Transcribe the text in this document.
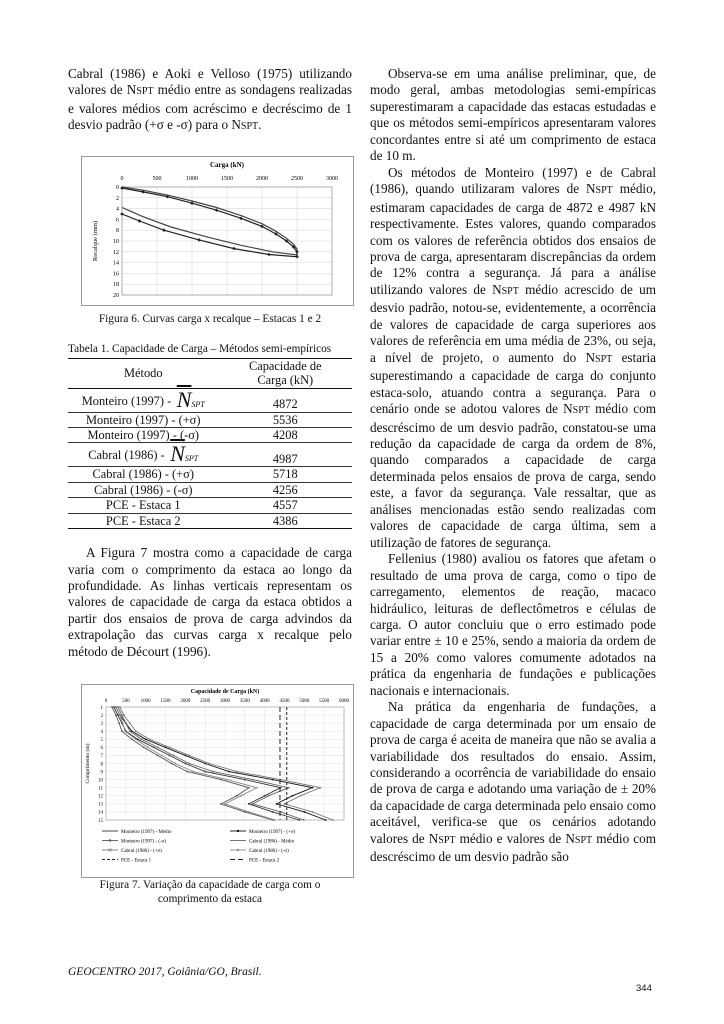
Cabral (1986) e Aoki e Velloso (1975) utilizando valores de NSPT médio entre as sondagens realizadas e valores médios com acréscimo e decréscimo de 1 desvio padrão (+σ e -σ) para o NSPT.

Carga (kN)
0	500	1000	1500	2000	2500	3000
0
2
4
6
8
10
12
14
16
18
20
Recalque (mm)

Figura 6. Curvas carga x recalque – Estacas 1 e 2

Tabela 1. Capacidade de Carga – Métodos semi-empíricos

Método	Capacidade de
Carga (kN)
Monteiro $(1997) - \overline{N}SPT$	4872
Monteiro (1997) - (+σ)	5536
Monteiro (1997) - (-σ)	4208
Cabral $(1986) - \overline{N}SPT$	4987
Cabral (1986) - (+σ)	5718
Cabral (1986) - (-σ)	4256
PCE - Estaca 1	4557
PCE - Estaca 2	4386

A Figura 7 mostra como a capacidade de carga varia com o comprimento da estaca ao longo da profundidade. As linhas verticais representam os valores de capacidade de carga da estaca obtidos a partir dos ensaios de prova de carga advindos da extrapolação das curvas carga x recalque pelo método de Décourt (1996).

Capacidade de Carga (kN)
0	500 1000 1500 2000 2500 3000 3500 4000 4500 5000 5500 6000
1
2
3
4
5
6
7
8
9
10
11
12
13
14
15
Comprimento (m)
Monteiro (1997) - Médio	Monteiro (1997) - (+σ)
Monteiro (1997) - (-σ)	Cabral (1986) - Médio
Cabral (1986) - (+σ)	Cabral (1986) - (-σ)
PCE - Estaca 1	PCE - Estaca 2

Figura 7. Variação da capacidade de carga com o
comprimento da estaca

Observa-se em uma análise preliminar, que, de modo geral, ambas metodologias semi-empíricas superestimaram a capacidade das estacas estudadas e que os métodos semi-empíricos apresentaram valores concordantes entre si até um comprimento de estaca de 10 m.

Os métodos de Monteiro (1997) e de Cabral (1986), quando utilizaram valores de NSPT médio, estimaram capacidades de carga de 4872 e 4987 kN respectivamente. Estes valores, quando comparados com os valores de referência obtidos dos ensaios de prova de carga, apresentaram discrepâncias da ordem de 12% contra a segurança. Já para a análise utilizando valores de NSPT médio acrescido de um desvio padrão, notou-se, evidentemente, a ocorrência de valores de capacidade de carga superiores aos valores de referência em uma média de 23%, ou seja, a nível de projeto, o aumento do NSPT estaria superestimando a capacidade de carga do conjunto estaca-solo, atuando contra a segurança. Para o cenário onde se adotou valores de NSPT médio com descréscimo de um desvio padrão, constatou-se uma redução da capacidade de carga da ordem de 8%, quando comparados a capacidade de carga determinada pelos ensaios de prova de carga, sendo este, a favor da segurança. Vale ressaltar, que as análises mencionadas estão sendo realizadas com valores de capacidade de carga última, sem a utilização de fatores de segurança.

Fellenius (1980) avaliou os fatores que afetam o resultado de uma prova de carga, como o tipo de carregamento, elementos de reação, macaco hidráulico, leituras de deflectômetros e células de carga. O autor concluiu que o erro estimado pode variar entre ± 10 e 25%, sendo a maioria da ordem de 15 a 20% como valores comumente adotados na prática da engenharia de fundações e publicações nacionais e internacionais.

Na prática da engenharia de fundações, a capacidade de carga determinada por um ensaio de prova de carga é aceita de maneira que não se avalia a variabilidade dos resultados do ensaio. Assim, considerando a ocorrência de variabilidade do ensaio de prova de carga e adotando uma variação de ± 20% da capacidade de carga determinada pelo ensaio como aceitável, verifica-se que os cenários adotando valores de NSPT médio e valores de NSPT médio com descréscimo de um desvio padrão são

GEOCENTRO 2017, Goiânia/GO, Brasil.
344
